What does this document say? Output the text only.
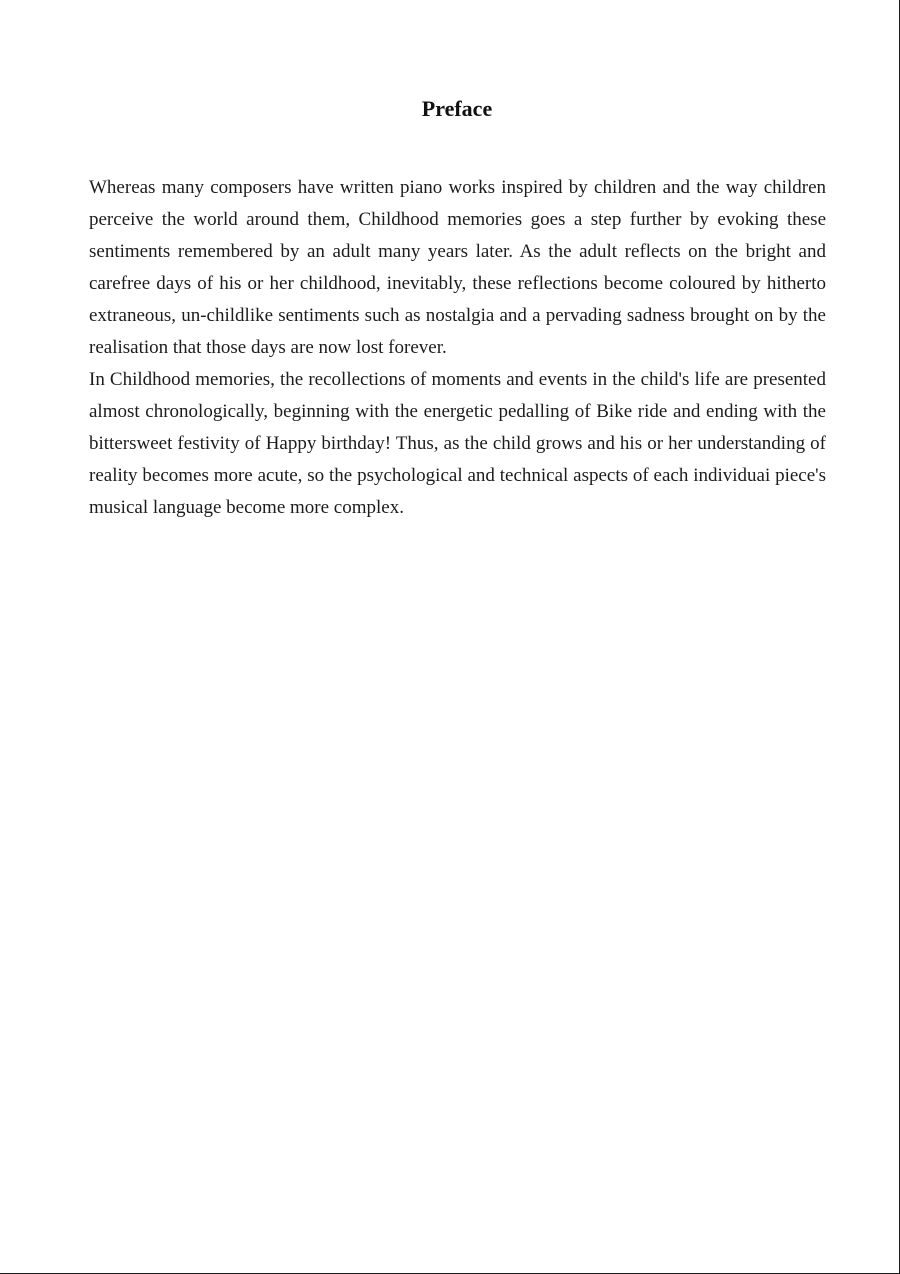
Preface

Whereas many composers have written piano works inspired by children and the way children perceive the world around them, Childhood memories goes a step further by evoking these sentiments remembered by an adult many years later. As the adult reflects on the bright and carefree days of his or her childhood, inevitably, these reflections become coloured by hitherto extraneous, un-childlike sentiments such as nostalgia and a pervading sadness brought on by the realisation that those days are now lost forever.

In Childhood memories, the recollections of moments and events in the child's life are presented almost chronologically, beginning with the energetic pedalling of Bike ride and ending with the bittersweet festivity of Happy birthday! Thus, as the child grows and his or her understanding of reality becomes more acute, so the psychological and technical aspects of each individuai piece's musical language become more complex.
